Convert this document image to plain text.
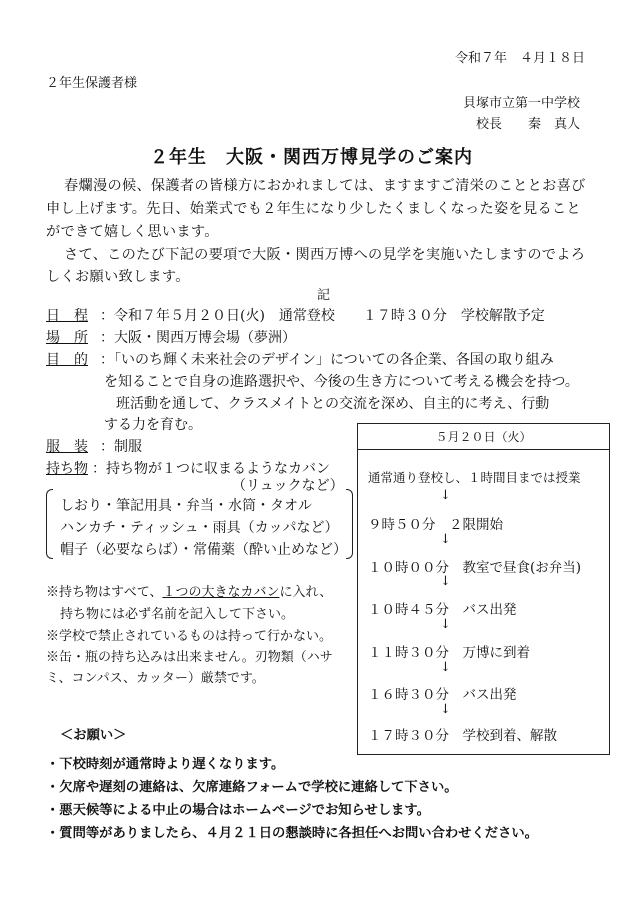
令和７年　４月１８日
２年生保護者様
貝塚市立第一中学校
校長　　秦　真人
２年生　大阪・関西万博見学のご案内
春爛漫の候、保護者の皆様方におかれましては、ますますご清栄のこととお喜び
申し上げます。先日、始業式でも２年生になり少したくましくなった姿を見ること
ができて嬉しく思います。
さて、このたび下記の要項で大阪・関西万博への見学を実施いたしますのでよろ
しくお願い致します。
記
日　程 ：令和７年５月２０日(火)　通常登校　　１７時３０分　学校解散予定
場　所 ：大阪・関西万博会場（夢洲）
目　的 ：「いのち輝く未来社会のデザイン」についての各企業、各国の取り組み
を知ることで自身の進路選択や、今後の生き方について考える機会を持つ。
班活動を通して、クラスメイトとの交流を深め、自主的に考え、行動
する力を育む。
服　装 ：制服
持ち物 ：持ち物が１つに収まるようなカバン
（リュックなど）
しおり・筆記用具・弁当・水筒・タオル
ハンカチ・ティッシュ・雨具（カッパなど）
帽子（必要ならば）・常備薬（酔い止めなど）
※持ち物はすべて、１つの大きなカバンに入れ、
持ち物には必ず名前を記入して下さい。
※学校で禁止されているものは持って行かない。
※缶・瓶の持ち込みは出来ません。刃物類（ハサ
ミ、コンパス、カッター）厳禁です。
５月２０日（火）
通常通り登校し、１時間目までは授業
↓
９時５０分　２限開始
↓
１０時００分　教室で昼食(お弁当)
↓
１０時４５分　バス出発
↓
１１時３０分　万博に到着
↓
１６時３０分　バス出発
↓
１７時３０分　学校到着、解散
＜お願い＞
・下校時刻が通常時より遅くなります。
・欠席や遅刻の連絡は、欠席連絡フォームで学校に連絡して下さい。
・悪天候等による中止の場合はホームページでお知らせします。
・質問等がありましたら、４月２１日の懇談時に各担任へお問い合わせください。
